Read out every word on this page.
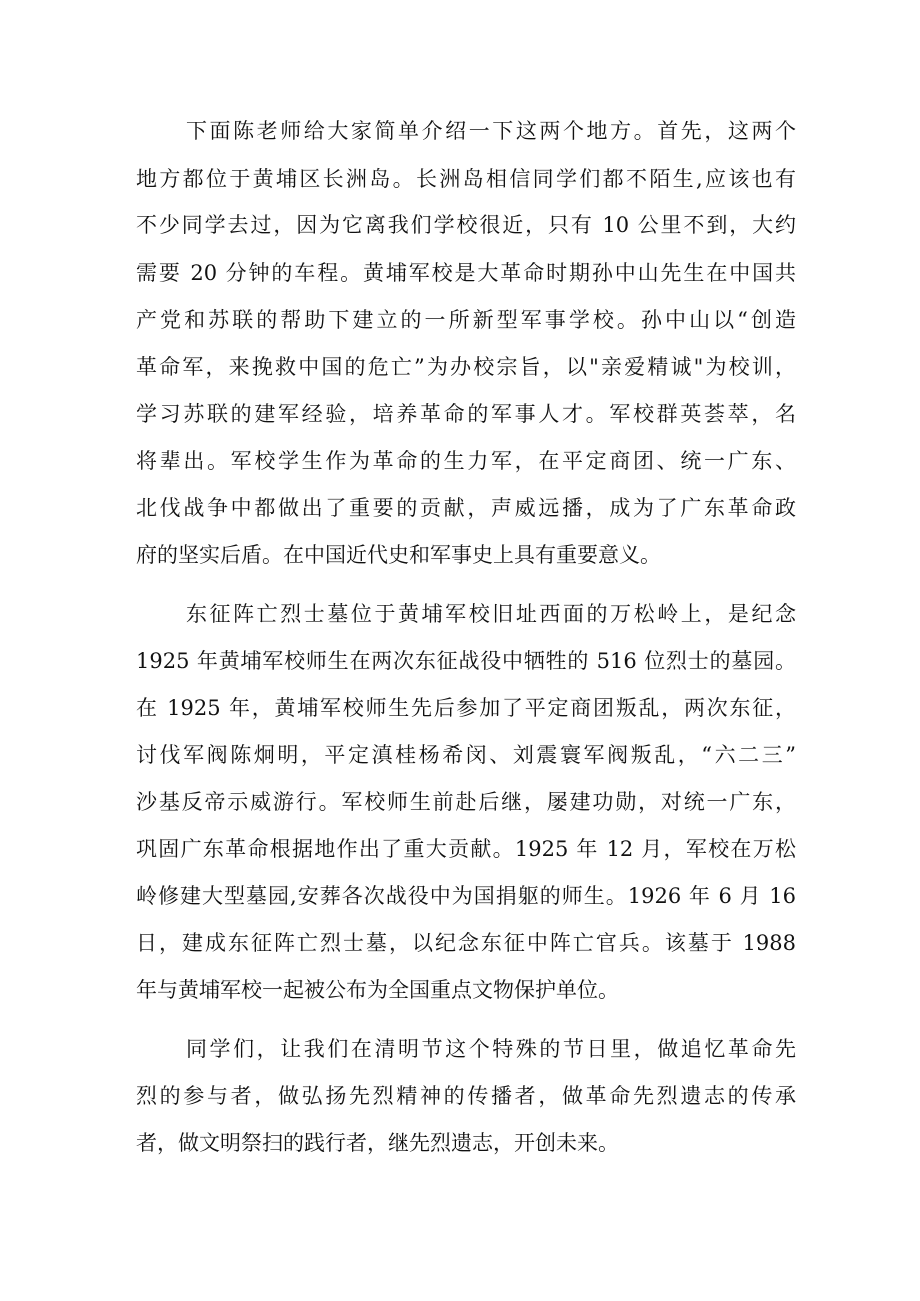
下面陈老师给大家简单介绍一下这两个地方。首先，这两个
地方都位于黄埔区长洲岛。长洲岛相信同学们都不陌生,应该也有
不少同学去过，因为它离我们学校很近，只有 10 公里不到，大约
需要 20 分钟的车程。黄埔军校是大革命时期孙中山先生在中国共
产党和苏联的帮助下建立的一所新型军事学校。孙中山以“创造
革命军，来挽救中国的危亡”为办校宗旨，以"亲爱精诚"为校训，
学习苏联的建军经验，培养革命的军事人才。军校群英荟萃，名
将辈出。军校学生作为革命的生力军，在平定商团、统一广东、
北伐战争中都做出了重要的贡献，声威远播，成为了广东革命政
府的坚实后盾。在中国近代史和军事史上具有重要意义。
东征阵亡烈士墓位于黄埔军校旧址西面的万松岭上，是纪念
1925 年黄埔军校师生在两次东征战役中牺牲的 516 位烈士的墓园。
在 1925 年，黄埔军校师生先后参加了平定商团叛乱，两次东征，
讨伐军阀陈炯明，平定滇桂杨希闵、刘震寰军阀叛乱，“六二三”
沙基反帝示威游行。军校师生前赴后继，屡建功勋，对统一广东，
巩固广东革命根据地作出了重大贡献。1925 年 12 月，军校在万松
岭修建大型墓园,安葬各次战役中为国捐躯的师生。1926 年 6 月 16
日，建成东征阵亡烈士墓，以纪念东征中阵亡官兵。该墓于 1988
年与黄埔军校一起被公布为全国重点文物保护单位。
同学们，让我们在清明节这个特殊的节日里，做追忆革命先
烈的参与者，做弘扬先烈精神的传播者，做革命先烈遗志的传承
者，做文明祭扫的践行者，继先烈遗志，开创未来。
